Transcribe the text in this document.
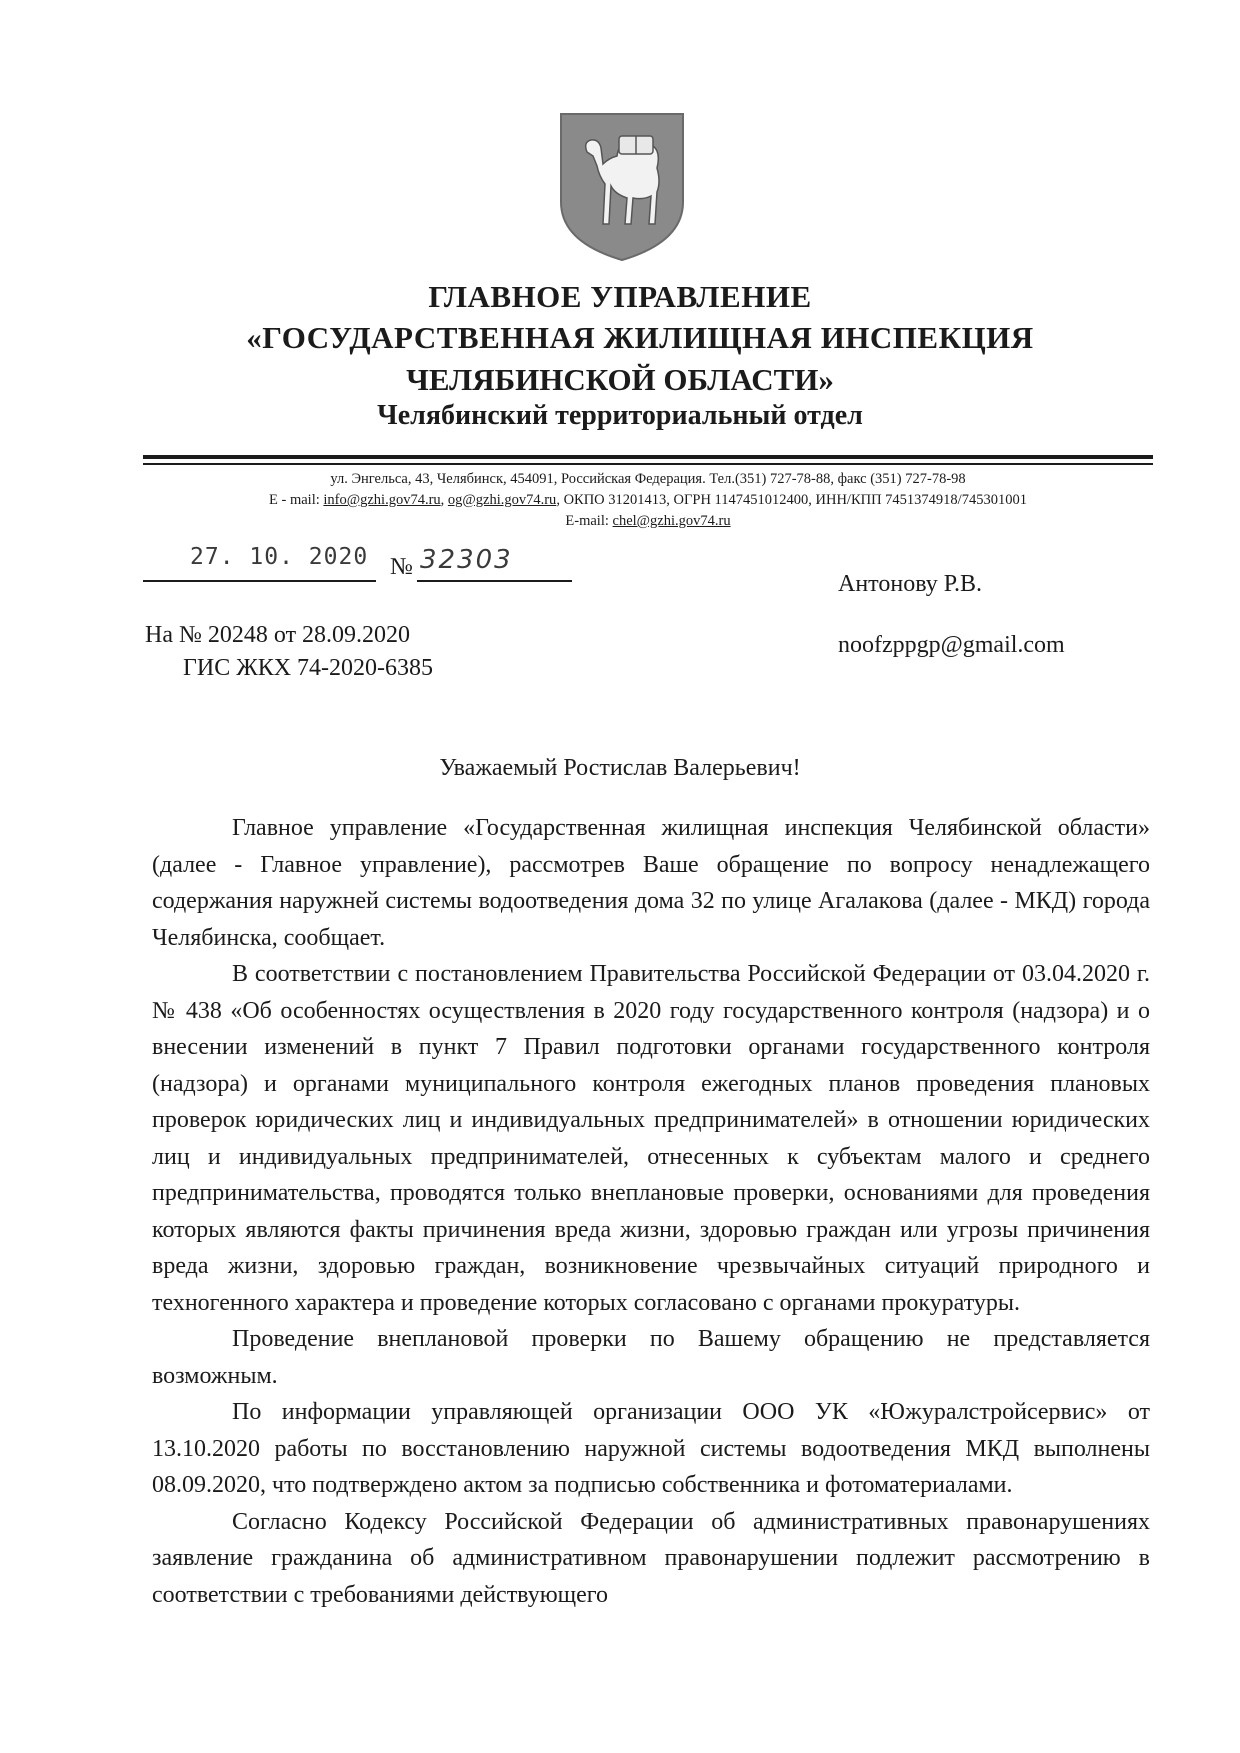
ГЛАВНОЕ УПРАВЛЕНИЕ
«ГОСУДАРСТВЕННАЯ ЖИЛИЩНАЯ ИНСПЕКЦИЯ
ЧЕЛЯБИНСКОЙ ОБЛАСТИ»
Челябинский территориальный отдел
ул. Энгельса, 43, Челябинск, 454091, Российская Федерация. Тел.(351) 727-78-88, факс (351) 727-78-98
E - mail: info@gzhi.gov74.ru, og@gzhi.gov74.ru, ОКПО 31201413, ОГРН 1147451012400, ИНН/КПП 7451374918/745301001
E-mail: chel@gzhi.gov74.ru
27. 10. 2020 № 32303
Антонову Р.В.
noofzppgp@gmail.com
На № 20248 от 28.09.2020
ГИС ЖКХ 74-2020-6385
Уважаемый Ростислав Валерьевич!

Главное управление «Государственная жилищная инспекция Челябинской области» (далее - Главное управление), рассмотрев Ваше обращение по вопросу ненадлежащего содержания наружней системы водоотведения дома 32 по улице Агалакова (далее - МКД) города Челябинска, сообщает.

В соответствии с постановлением Правительства Российской Федерации от 03.04.2020 г. № 438 «Об особенностях осуществления в 2020 году государственного контроля (надзора) и о внесении изменений в пункт 7 Правил подготовки органами государственного контроля (надзора) и органами муниципального контроля ежегодных планов проведения плановых проверок юридических лиц и индивидуальных предпринимателей» в отношении юридических лиц и индивидуальных предпринимателей, отнесенных к субъектам малого и среднего предпринимательства, проводятся только внеплановые проверки, основаниями для проведения которых являются факты причинения вреда жизни, здоровью граждан или угрозы причинения вреда жизни, здоровью граждан, возникновение чрезвычайных ситуаций природного и техногенного характера и проведение которых согласовано с органами прокуратуры.

Проведение внеплановой проверки по Вашему обращению не представляется возможным.

По информации управляющей организации ООО УК «Южуралстройсервис» от 13.10.2020 работы по восстановлению наружной системы водоотведения МКД выполнены 08.09.2020, что подтверждено актом за подписью собственника и фотоматериалами.

Согласно Кодексу Российской Федерации об административных правонарушениях заявление гражданина об административном правонарушении подлежит рассмотрению в соответствии с требованиями действующего
